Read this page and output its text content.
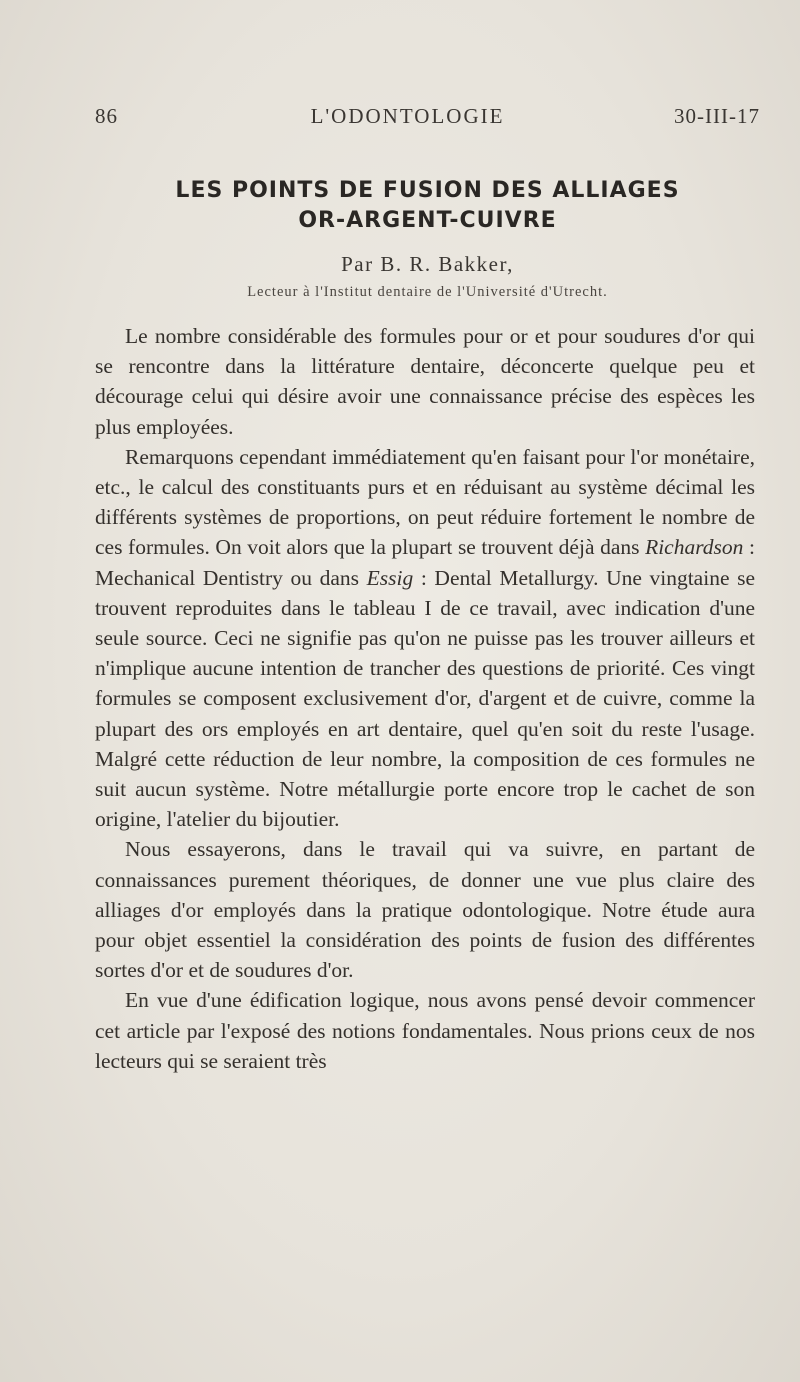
86	L'ODONTOLOGIE	30-III-17
LES POINTS DE FUSION DES ALLIAGES
OR-ARGENT-CUIVRE
Par B. R. Bakker,
Lecteur à l'Institut dentaire de l'Université d'Utrecht.

Le nombre considérable des formules pour or et pour soudures d'or qui se rencontre dans la littérature dentaire, déconcerte quelque peu et décourage celui qui désire avoir une connaissance précise des espèces les plus employées.

Remarquons cependant immédiatement qu'en faisant pour l'or monétaire, etc., le calcul des constituants purs et en réduisant au système décimal les différents systèmes de proportions, on peut réduire fortement le nombre de ces formules. On voit alors que la plupart se trouvent déjà dans Richardson : Mechanical Dentistry ou dans Essig : Dental Metallurgy. Une vingtaine se trouvent reproduites dans le tableau I de ce travail, avec indication d'une seule source. Ceci ne signifie pas qu'on ne puisse pas les trouver ailleurs et n'implique aucune intention de trancher des questions de priorité. Ces vingt formules se composent exclusivement d'or, d'argent et de cuivre, comme la plupart des ors employés en art dentaire, quel qu'en soit du reste l'usage. Malgré cette réduction de leur nombre, la composition de ces formules ne suit aucun système. Notre métallurgie porte encore trop le cachet de son origine, l'atelier du bijoutier.

Nous essayerons, dans le travail qui va suivre, en partant de connaissances purement théoriques, de donner une vue plus claire des alliages d'or employés dans la pratique odontologique. Notre étude aura pour objet essentiel la considération des points de fusion des différentes sortes d'or et de soudures d'or.

En vue d'une édification logique, nous avons pensé devoir commencer cet article par l'exposé des notions fondamentales. Nous prions ceux de nos lecteurs qui se seraient très
